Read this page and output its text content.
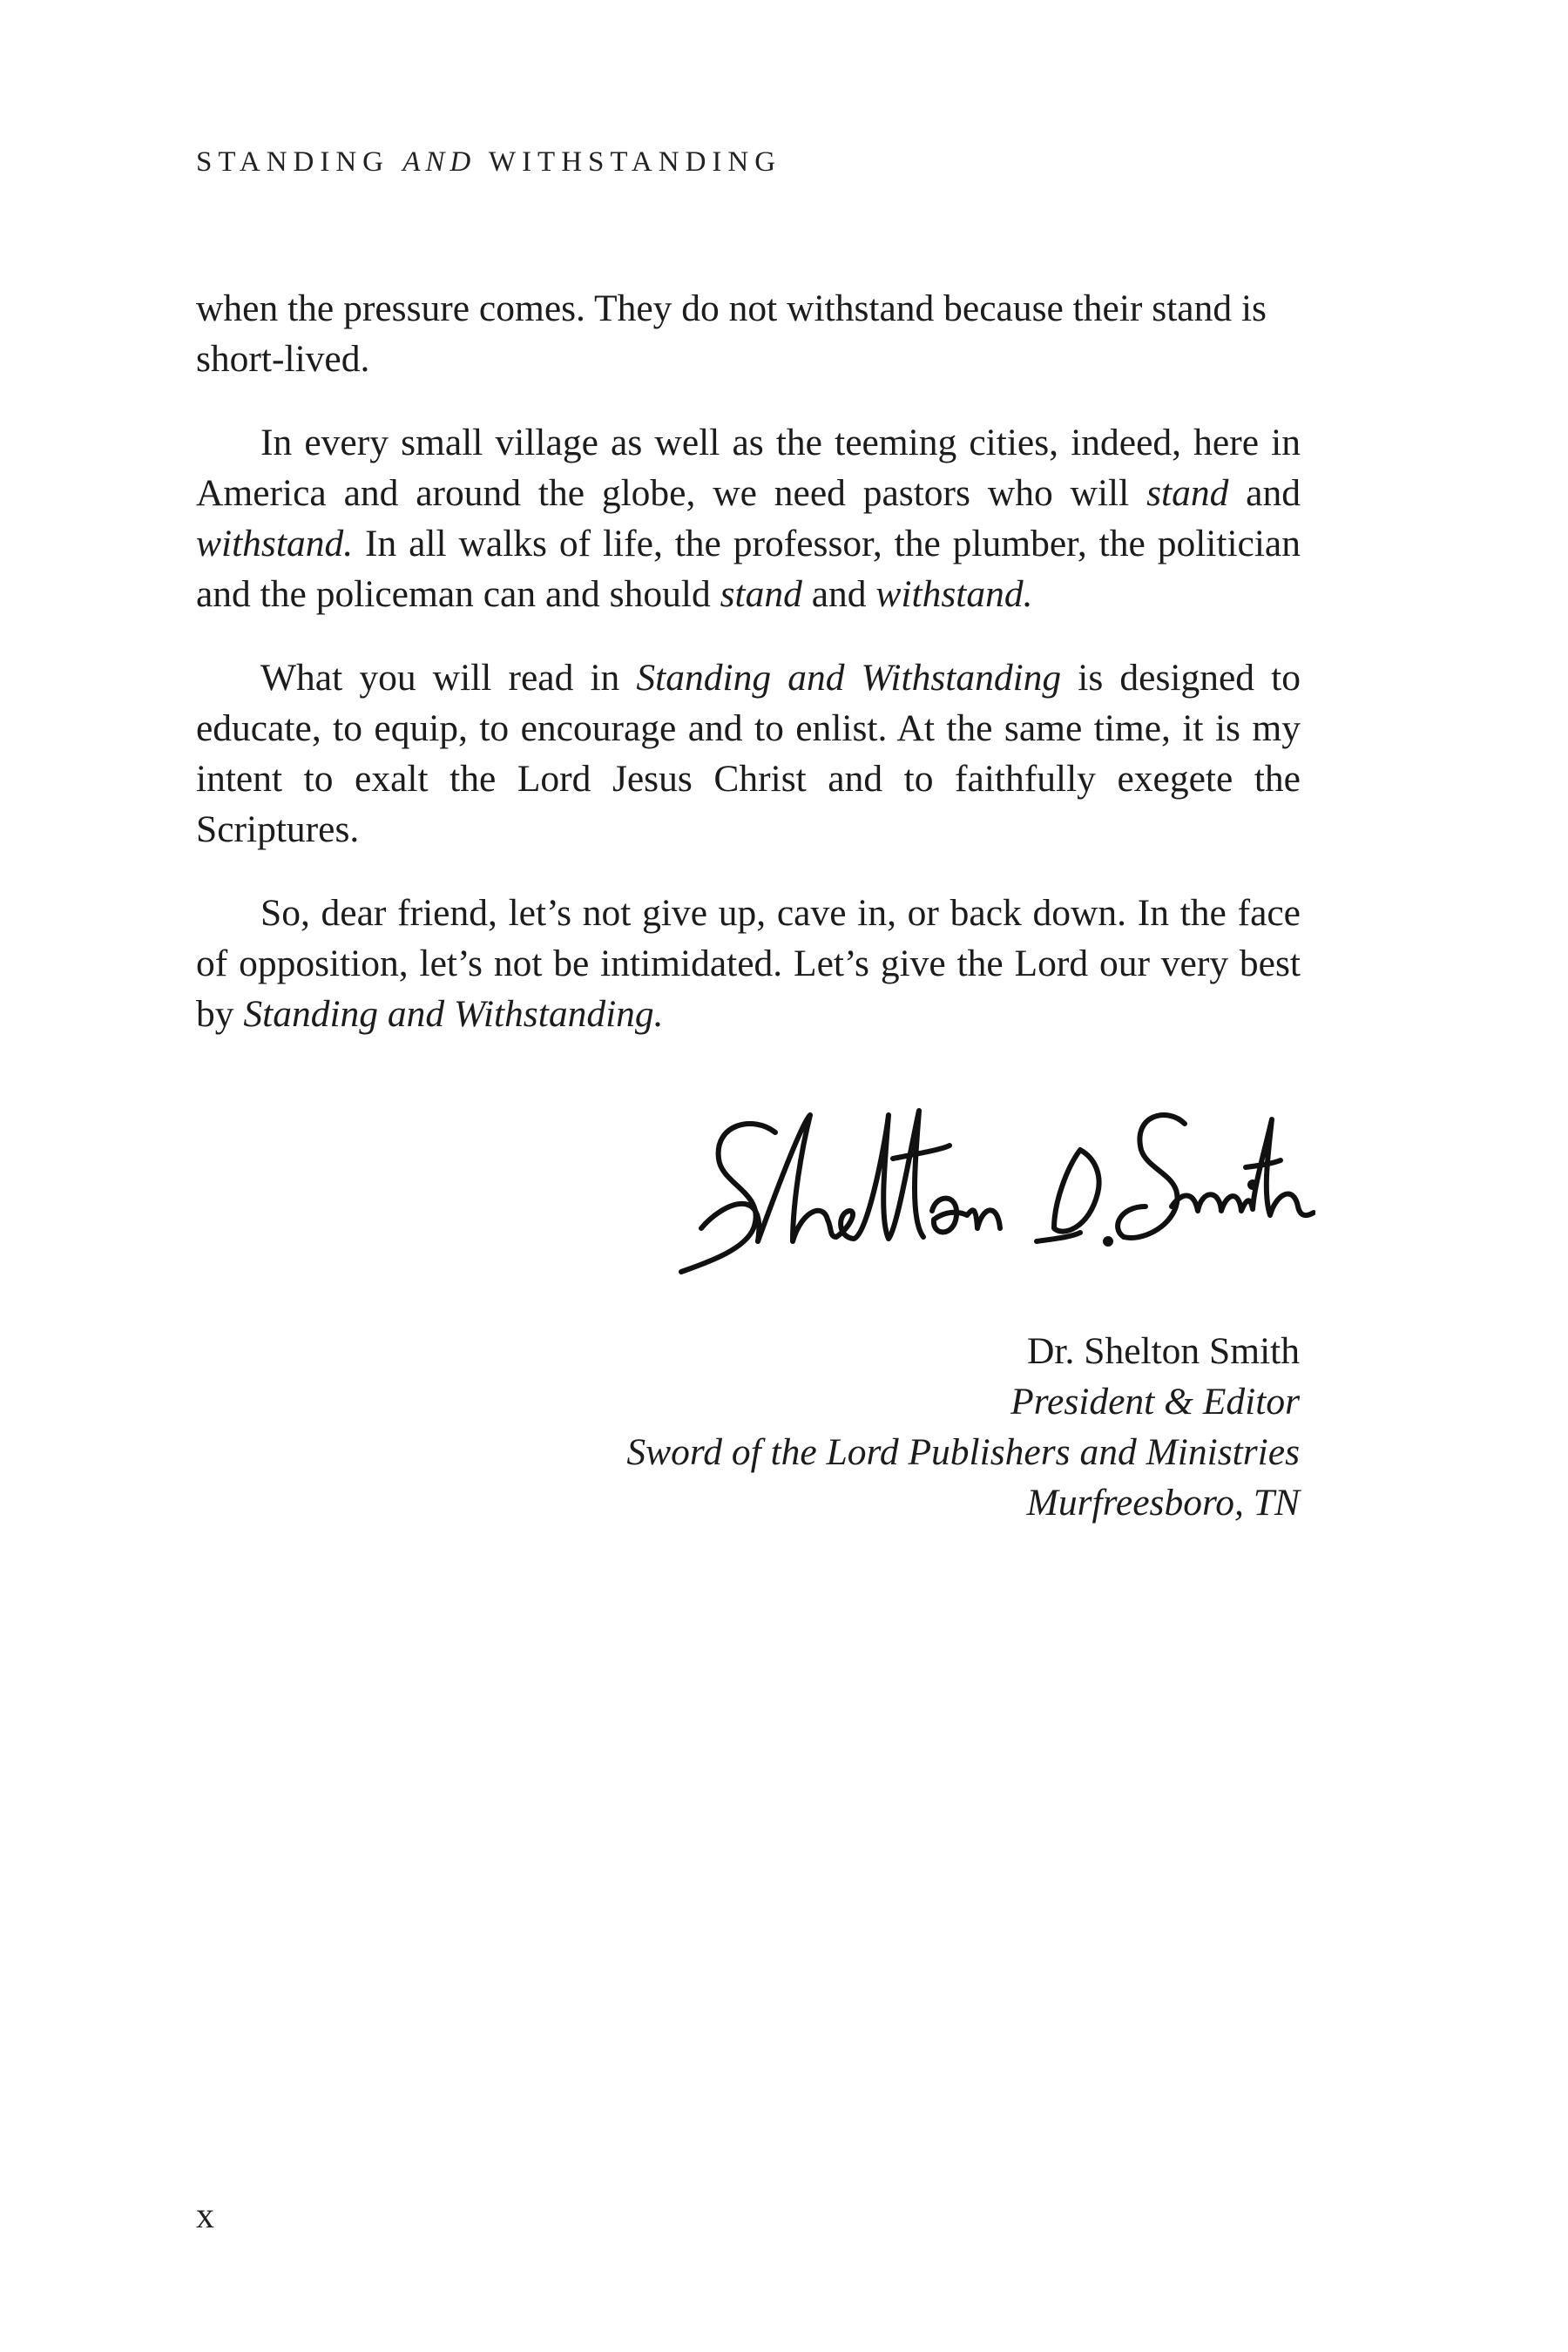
STANDING AND WITHSTANDING

when the pressure comes. They do not withstand because their stand is short-lived.

In every small village as well as the teeming cities, indeed, here in America and around the globe, we need pastors who will stand and withstand. In all walks of life, the professor, the plumber, the politician and the policeman can and should stand and withstand.

What you will read in Standing and Withstanding is designed to educate, to equip, to encourage and to enlist. At the same time, it is my intent to exalt the Lord Jesus Christ and to faithfully exegete the Scriptures.

So, dear friend, let’s not give up, cave in, or back down. In the face of opposition, let’s not be intimidated. Let’s give the Lord our very best by Standing and Withstanding.

Dr. Shelton Smith
President & Editor
Sword of the Lord Publishers and Ministries
Murfreesboro, TN
x
